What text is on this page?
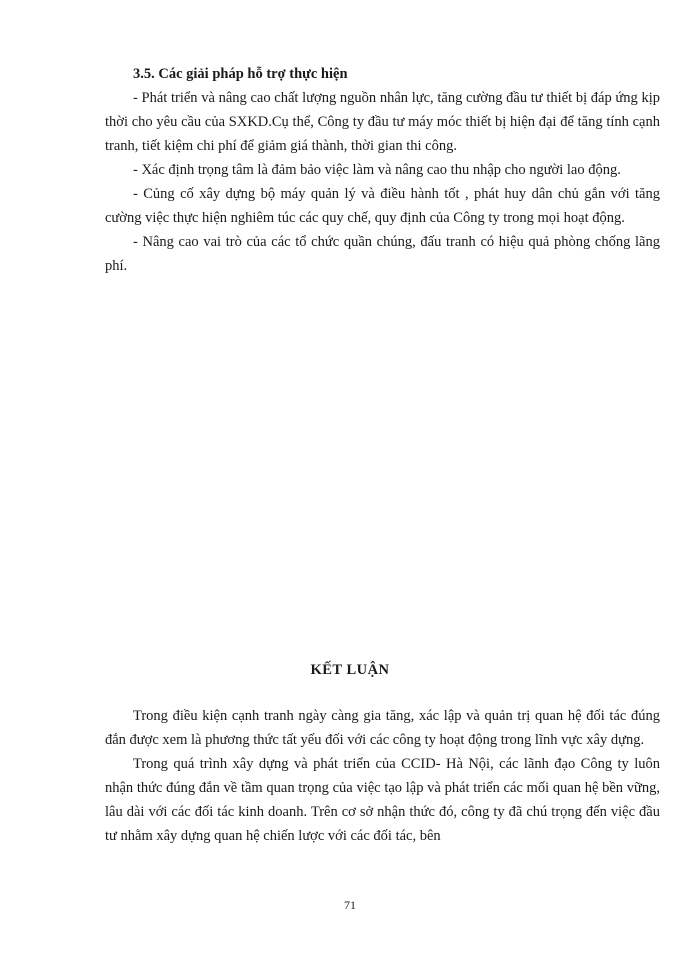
3.5. Các giải pháp hỗ trợ thực hiện

- Phát triển và nâng cao chất lượng nguồn nhân lực, tăng cường đầu tư thiết bị đáp ứng kịp thời cho yêu cầu của SXKD.Cụ thể, Công ty đầu tư máy móc thiết bị hiện đại để tăng tính cạnh tranh, tiết kiệm chi phí để giảm giá thành, thời gian thi công.

- Xác định trọng tâm là đảm bảo việc làm và nâng cao thu nhập cho người lao động.

- Củng cố xây dựng bộ máy quản lý và điều hành tốt , phát huy dân chủ gắn với tăng cường việc thực hiện nghiêm túc các quy chế, quy định của Công ty trong mọi hoạt động.

- Nâng cao vai trò của các tổ chức quần chúng, đấu tranh có hiệu quả phòng chống lãng phí.

KẾT LUẬN

Trong điều kiện cạnh tranh ngày càng gia tăng, xác lập và quản trị quan hệ đối tác đúng đắn được xem là phương thức tất yếu đối với các công ty hoạt động trong lĩnh vực xây dựng.

Trong quá trình xây dựng và phát triển của CCID- Hà Nội, các lãnh đạo Công ty luôn nhận thức đúng đắn về tầm quan trọng của việc tạo lập và phát triển các mối quan hệ bền vững, lâu dài với các đối tác kinh doanh. Trên cơ sở nhận thức đó, công ty đã chú trọng đến việc đầu tư nhằm xây dựng quan hệ chiến lược với các đối tác, bên

71
